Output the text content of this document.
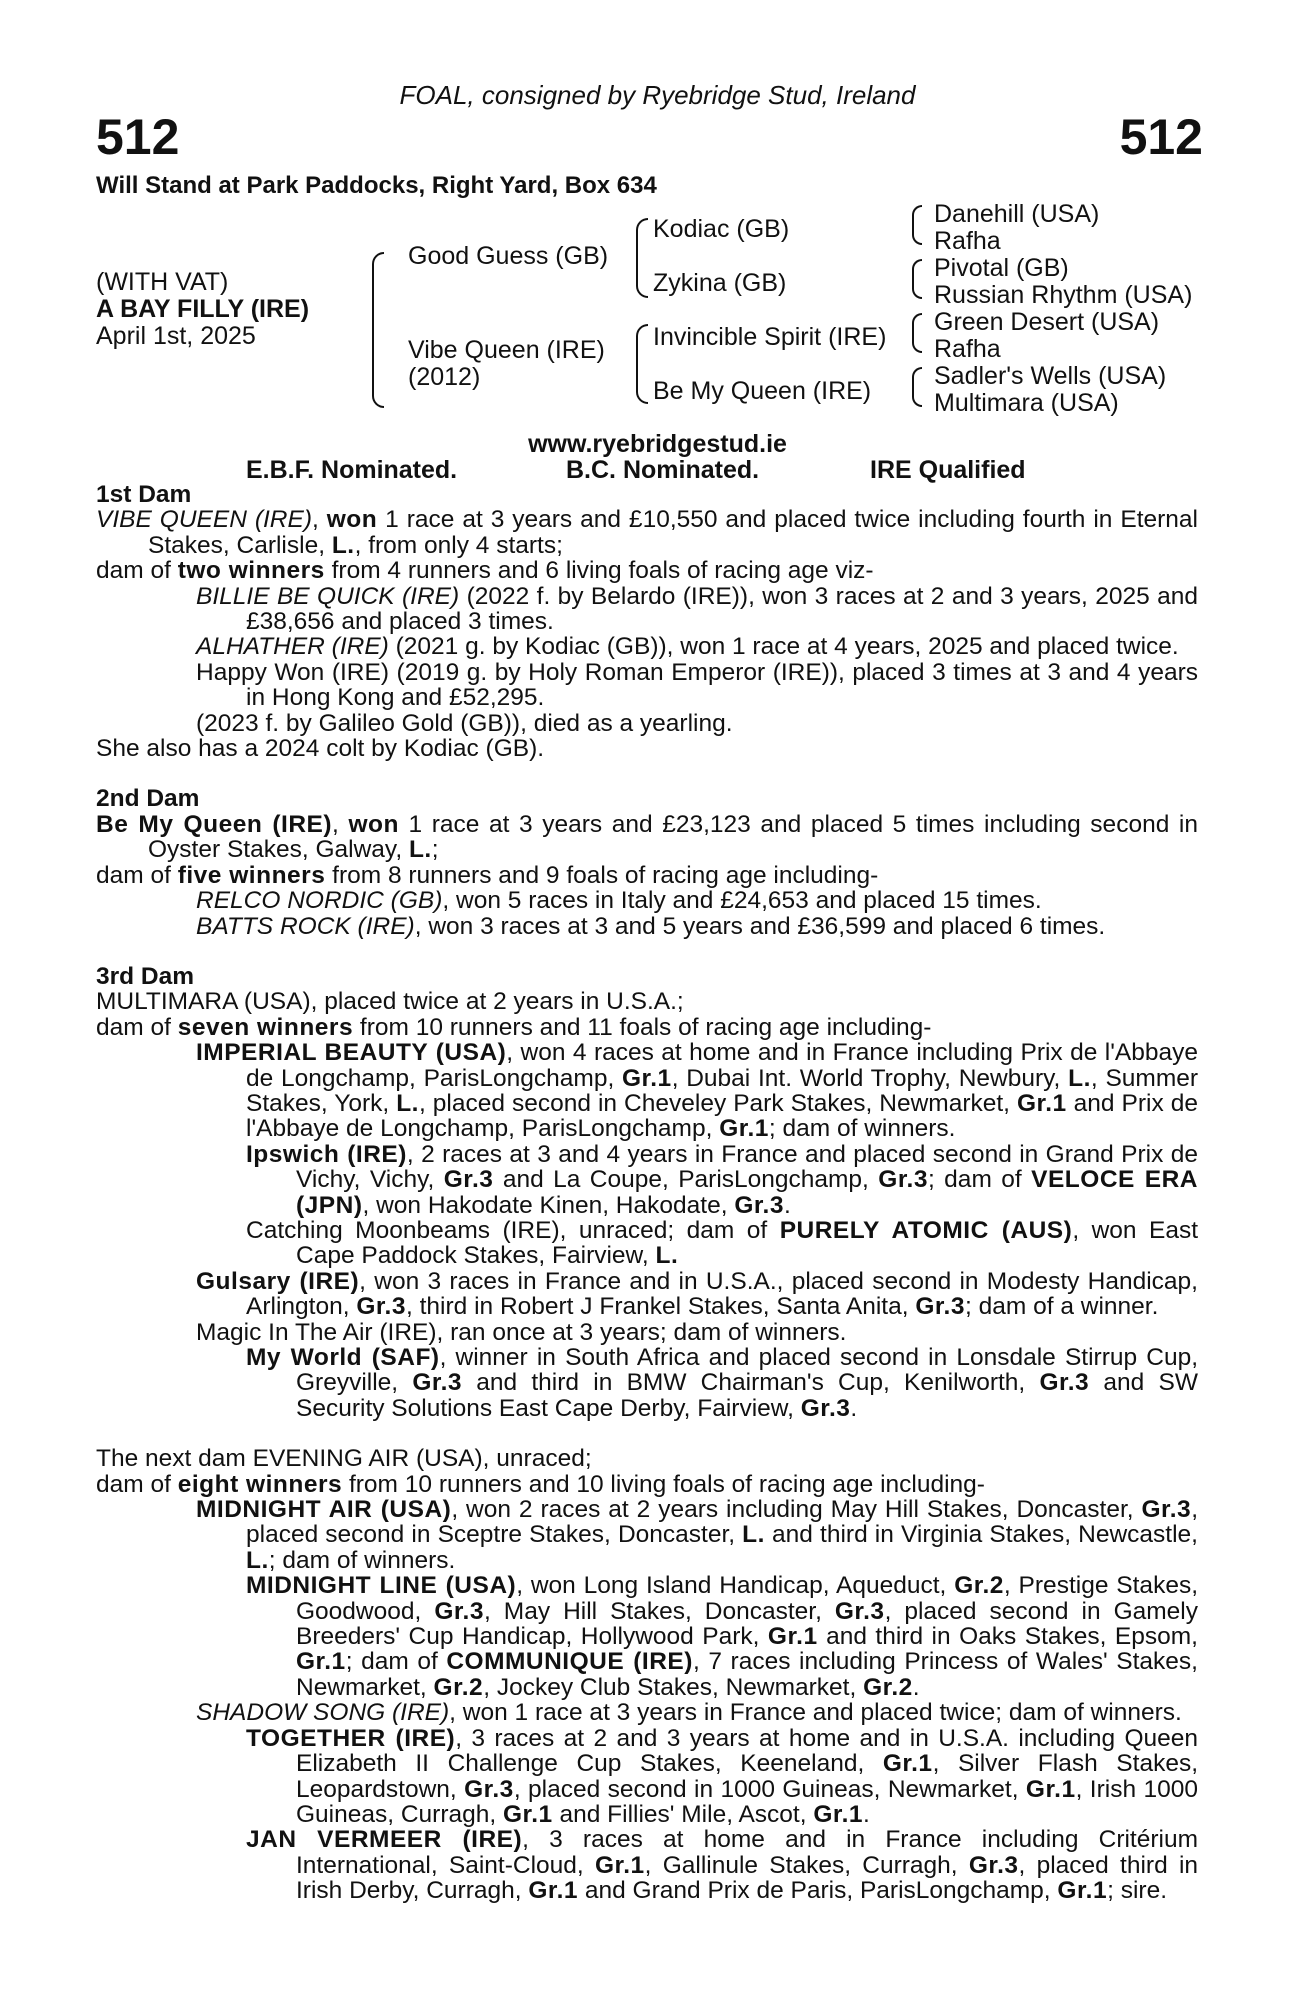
FOAL, consigned by Ryebridge Stud, Ireland
512	512
Will Stand at Park Paddocks, Right Yard, Box 634
(WITH VAT)
A BAY FILLY (IRE)
April 1st, 2025
Good Guess (GB)
Vibe Queen (IRE)
(2012)
Kodiac (GB)
Zykina (GB)
Invincible Spirit (IRE)
Be My Queen (IRE)
Danehill (USA)
Rafha
Pivotal (GB)
Russian Rhythm (USA)
Green Desert (USA)
Rafha
Sadler's Wells (USA)
Multimara (USA)
www.ryebridgestud.ie
E.B.F. Nominated.	B.C. Nominated.	IRE Qualified

1st Dam

VIBE QUEEN (IRE), won 1 race at 3 years and £10,550 and placed twice including fourth in Eternal Stakes, Carlisle, L., from only 4 starts;

dam of two winners from 4 runners and 6 living foals of racing age viz-

BILLIE BE QUICK (IRE) (2022 f. by Belardo (IRE)), won 3 races at 2 and 3 years, 2025 and £38,656 and placed 3 times.

ALHATHER (IRE) (2021 g. by Kodiac (GB)), won 1 race at 4 years, 2025 and placed twice.

Happy Won (IRE) (2019 g. by Holy Roman Emperor (IRE)), placed 3 times at 3 and 4 years in Hong Kong and £52,295.

(2023 f. by Galileo Gold (GB)), died as a yearling.

She also has a 2024 colt by Kodiac (GB).

2nd Dam

Be My Queen (IRE), won 1 race at 3 years and £23,123 and placed 5 times including second in Oyster Stakes, Galway, L.;

dam of five winners from 8 runners and 9 foals of racing age including-

RELCO NORDIC (GB), won 5 races in Italy and £24,653 and placed 15 times.

BATTS ROCK (IRE), won 3 races at 3 and 5 years and £36,599 and placed 6 times.

3rd Dam

MULTIMARA (USA), placed twice at 2 years in U.S.A.;

dam of seven winners from 10 runners and 11 foals of racing age including-

IMPERIAL BEAUTY (USA), won 4 races at home and in France including Prix de l'Abbaye de Longchamp, ParisLongchamp, Gr.1, Dubai Int. World Trophy, Newbury, L., Summer Stakes, York, L., placed second in Cheveley Park Stakes, Newmarket, Gr.1 and Prix de l'Abbaye de Longchamp, ParisLongchamp, Gr.1; dam of winners.

Ipswich (IRE), 2 races at 3 and 4 years in France and placed second in Grand Prix de Vichy, Vichy, Gr.3 and La Coupe, ParisLongchamp, Gr.3; dam of VELOCE ERA (JPN), won Hakodate Kinen, Hakodate, Gr.3.

Catching Moonbeams (IRE), unraced; dam of PURELY ATOMIC (AUS), won East Cape Paddock Stakes, Fairview, L.

Gulsary (IRE), won 3 races in France and in U.S.A., placed second in Modesty Handicap, Arlington, Gr.3, third in Robert J Frankel Stakes, Santa Anita, Gr.3; dam of a winner.

Magic In The Air (IRE), ran once at 3 years; dam of winners.

My World (SAF), winner in South Africa and placed second in Lonsdale Stirrup Cup, Greyville, Gr.3 and third in BMW Chairman's Cup, Kenilworth, Gr.3 and SW Security Solutions East Cape Derby, Fairview, Gr.3.

The next dam EVENING AIR (USA), unraced;

dam of eight winners from 10 runners and 10 living foals of racing age including-

MIDNIGHT AIR (USA), won 2 races at 2 years including May Hill Stakes, Doncaster, Gr.3, placed second in Sceptre Stakes, Doncaster, L. and third in Virginia Stakes, Newcastle, L.; dam of winners.

MIDNIGHT LINE (USA), won Long Island Handicap, Aqueduct, Gr.2, Prestige Stakes, Goodwood, Gr.3, May Hill Stakes, Doncaster, Gr.3, placed second in Gamely Breeders' Cup Handicap, Hollywood Park, Gr.1 and third in Oaks Stakes, Epsom, Gr.1; dam of COMMUNIQUE (IRE), 7 races including Princess of Wales' Stakes, Newmarket, Gr.2, Jockey Club Stakes, Newmarket, Gr.2.

SHADOW SONG (IRE), won 1 race at 3 years in France and placed twice; dam of winners.

TOGETHER (IRE), 3 races at 2 and 3 years at home and in U.S.A. including Queen Elizabeth II Challenge Cup Stakes, Keeneland, Gr.1, Silver Flash Stakes, Leopardstown, Gr.3, placed second in 1000 Guineas, Newmarket, Gr.1, Irish 1000 Guineas, Curragh, Gr.1 and Fillies' Mile, Ascot, Gr.1.

JAN VERMEER (IRE), 3 races at home and in France including Critérium International, Saint-Cloud, Gr.1, Gallinule Stakes, Curragh, Gr.3, placed third in Irish Derby, Curragh, Gr.1 and Grand Prix de Paris, ParisLongchamp, Gr.1; sire.
